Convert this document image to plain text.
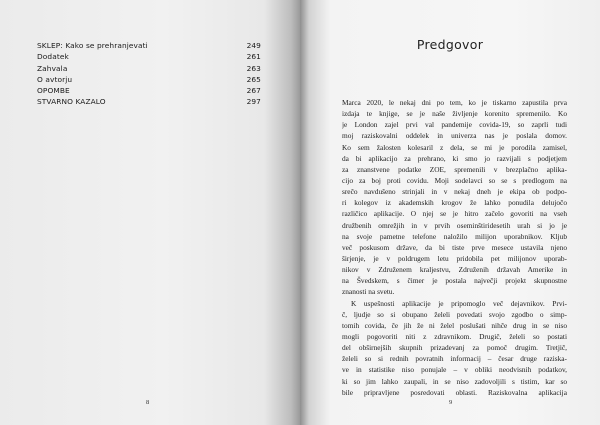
SKLEP: Kako se prehranjevati	249
Dodatek	261
Zahvala	263
O avtorju	265
OPOMBE	267
STVARNO KAZALO	297
8
Predgovor
Marca 2020, le nekaj dni po tem, ko je tiskarno zapustila prva
izdaja te knjige, se je naše življenje korenito spremenilo. Ko
je London zajel prvi val pandemije covida-19, so zaprli tudi
moj raziskovalni oddelek in univerza nas je poslala domov.
Ko sem žalosten kolesaril z dela, se mi je porodila zamisel,
da bi aplikacijo za prehrano, ki smo jo razvijali s podjetjem
za znanstvene podatke ZOE, spremenili v brezplačno aplika-
cijo za boj proti covidu. Moji sodelavci so se s predlogom na
srečo navdušeno strinjali in v nekaj dneh je ekipa ob podpo-
ri kolegov iz akademskih krogov že lahko ponudila delujočo
različico aplikacije. O njej se je hitro začelo govoriti na vseh
družbenih omrežjih in v prvih oseminštiridesetih urah si jo je
na svoje pametne telefone naložilo milijon uporabnikov. Kljub
več poskusom države, da bi tiste prve mesece ustavila njeno
širjenje, je v poldrugem letu pridobila pet milijonov uporab-
nikov v Združenem kraljestvu, Združenih državah Amerike in
na Švedskem, s čimer je postala največji projekt skupnostne
znanosti na svetu.
K uspešnosti aplikacije je pripomoglo več dejavnikov. Prvi-
č, ljudje so si obupano želeli povedati svojo zgodbo o simp-
tomih covida, če jih že ni želel poslušati nihče drug in se niso
mogli pogovoriti niti z zdravnikom. Drugič, želeli so postati
del obširnejših skupnih prizadevanj za pomoč drugim. Tretjič,
želeli so si rednih povratnih informacij – česar druge raziska-
ve in statistike niso ponujale – v obliki neodvisnih podatkov,
ki so jim lahko zaupali, in se niso zadovoljili s tistim, kar so
bile pripravljene posredovati oblasti. Raziskovalna aplikacija
9
